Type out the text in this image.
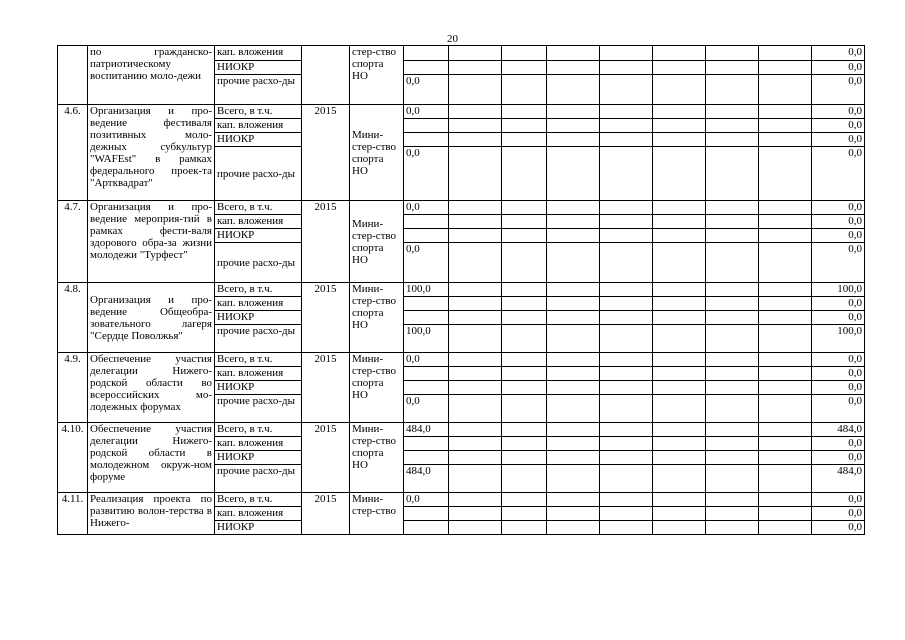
20
	по гражданско-патриотическому воспитанию моло-дежи	кап. вложения		стер-ство спорта НО									0,0
		НИОКР											0,0
		прочие расхо-ды			0,0								0,0
4.6.	Организация и про-ведение фестиваля позитивных моло-дежных субкультур "WAFEst" в рамках федерального проек-та "Артквадрат"	Всего, в т.ч.	2015	Мини-стер-ство спорта НО	0,0								0,0
		кап. вложения											0,0
		НИОКР											0,0
		прочие расхо-ды			0,0								0,0
4.7.	Организация и про-ведение мероприя-тий в рамках фести-валя здорового обра-за жизни молодежи "Турфест"	Всего, в т.ч.	2015	Мини-стер-ство спорта НО	0,0								0,0
		кап. вложения											0,0
		НИОКР											0,0
		прочие расхо-ды			0,0								0,0
4.8.	Организация и про-ведение Общеобра-зовательного лагеря "Сердце Поволжья"	Всего, в т.ч.	2015	Мини-стер-ство спорта НО	100,0								100,0
		кап. вложения											0,0
		НИОКР											0,0
		прочие расхо-ды			100,0								100,0
4.9.	Обеспечение участия делегации Нижего-родской области во всероссийских мо-лодежных форумах	Всего, в т.ч.	2015	Мини-стер-ство спорта НО	0,0								0,0
		кап. вложения											0,0
		НИОКР											0,0
		прочие расхо-ды			0,0								0,0
4.10.	Обеспечение участия делегации Нижего-родской области в молодежном окруж-ном форуме	Всего, в т.ч.	2015	Мини-стер-ство спорта НО	484,0								484,0
		кап. вложения											0,0
		НИОКР											0,0
		прочие расхо-ды			484,0								484,0
4.11.	Реализация проекта по развитию волон-терства в Нижего-	Всего, в т.ч.	2015	Мини-стер-ство	0,0								0,0
		кап. вложения											0,0
		НИОКР											0,0
